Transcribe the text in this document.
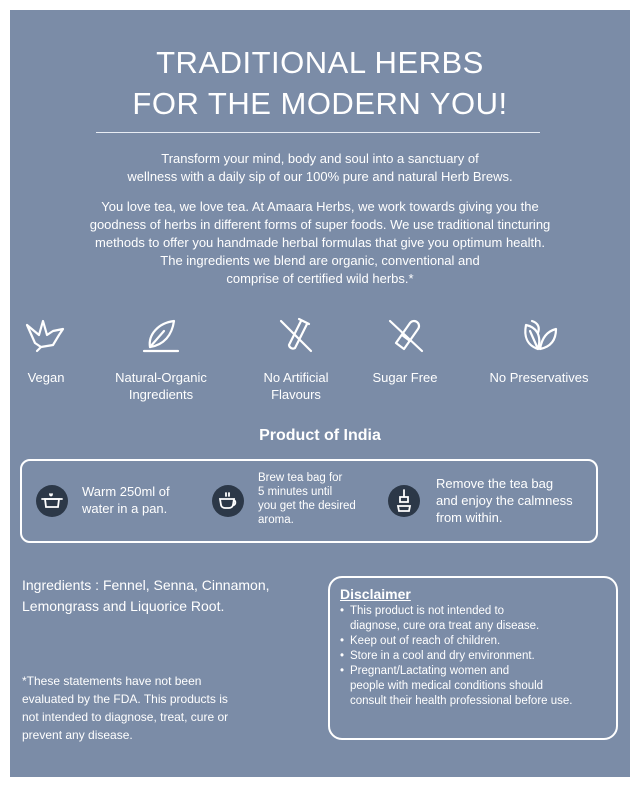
TRADITIONAL HERBS
FOR THE MODERN YOU!
Transform your mind, body and soul into a sanctuary of
wellness with a daily sip of our 100% pure and natural Herb Brews.
You love tea, we love tea. At Amaara Herbs, we work towards giving you the
goodness of herbs in different forms of super foods. We use traditional tincturing
methods to offer you handmade herbal formulas that give you optimum health.
The ingredients we blend are organic, conventional and
comprise of certified wild herbs.*
Vegan	Natural-Organic
Ingredients
No Artificial
Flavours
Sugar Free	No Preservatives
Product of India
Warm 250ml of
water in a pan.
Brew tea bag for
5 minutes until
you get the desired
aroma.
Remove the tea bag
and enjoy the calmness
from within.
Ingredients : Fennel, Senna, Cinnamon,
Lemongrass and Liquorice Root.
*These statements have not been
evaluated by the FDA. This products is
not intended to diagnose, treat, cure or
prevent any disease.
Disclaimer
• This product is not intended to
diagnose, cure ora treat any disease.
• Keep out of reach of children.
• Store in a cool and dry environment.
• Pregnant/Lactating women and
people with medical conditions should
consult their health professional before use.
